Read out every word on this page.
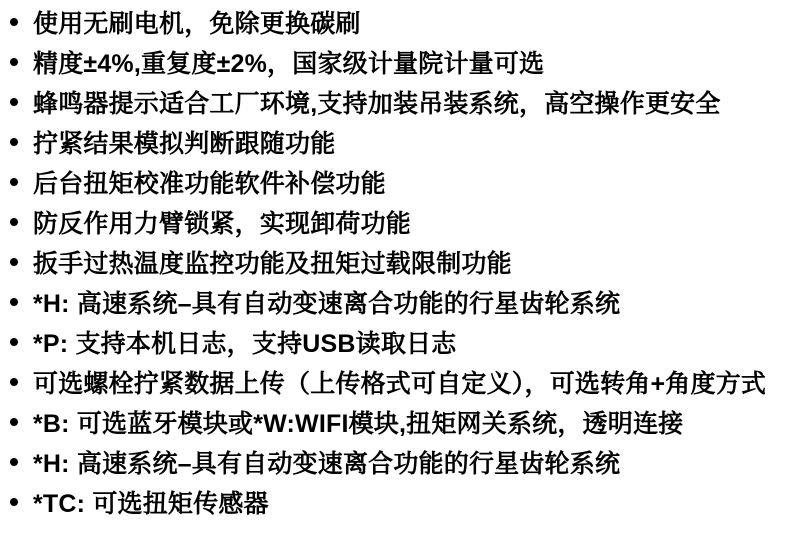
使用无刷电机，免除更换碳刷
精度±4%,重复度±2%，国家级计量院计量可选
蜂鸣器提示适合工厂环境,支持加装吊装系统，高空操作更安全
拧紧结果模拟判断跟随功能
后台扭矩校准功能软件补偿功能
防反作用力臂锁紧，实现卸荷功能
扳手过热温度监控功能及扭矩过载限制功能
*H: 高速系统–具有自动变速离合功能的行星齿轮系统
*P: 支持本机日志，支持USB读取日志
可选螺栓拧紧数据上传（上传格式可自定义），可选转角+角度方式
*B: 可选蓝牙模块或*W:WIFI模块,扭矩网关系统，透明连接
*H: 高速系统–具有自动变速离合功能的行星齿轮系统
*TC: 可选扭矩传感器
